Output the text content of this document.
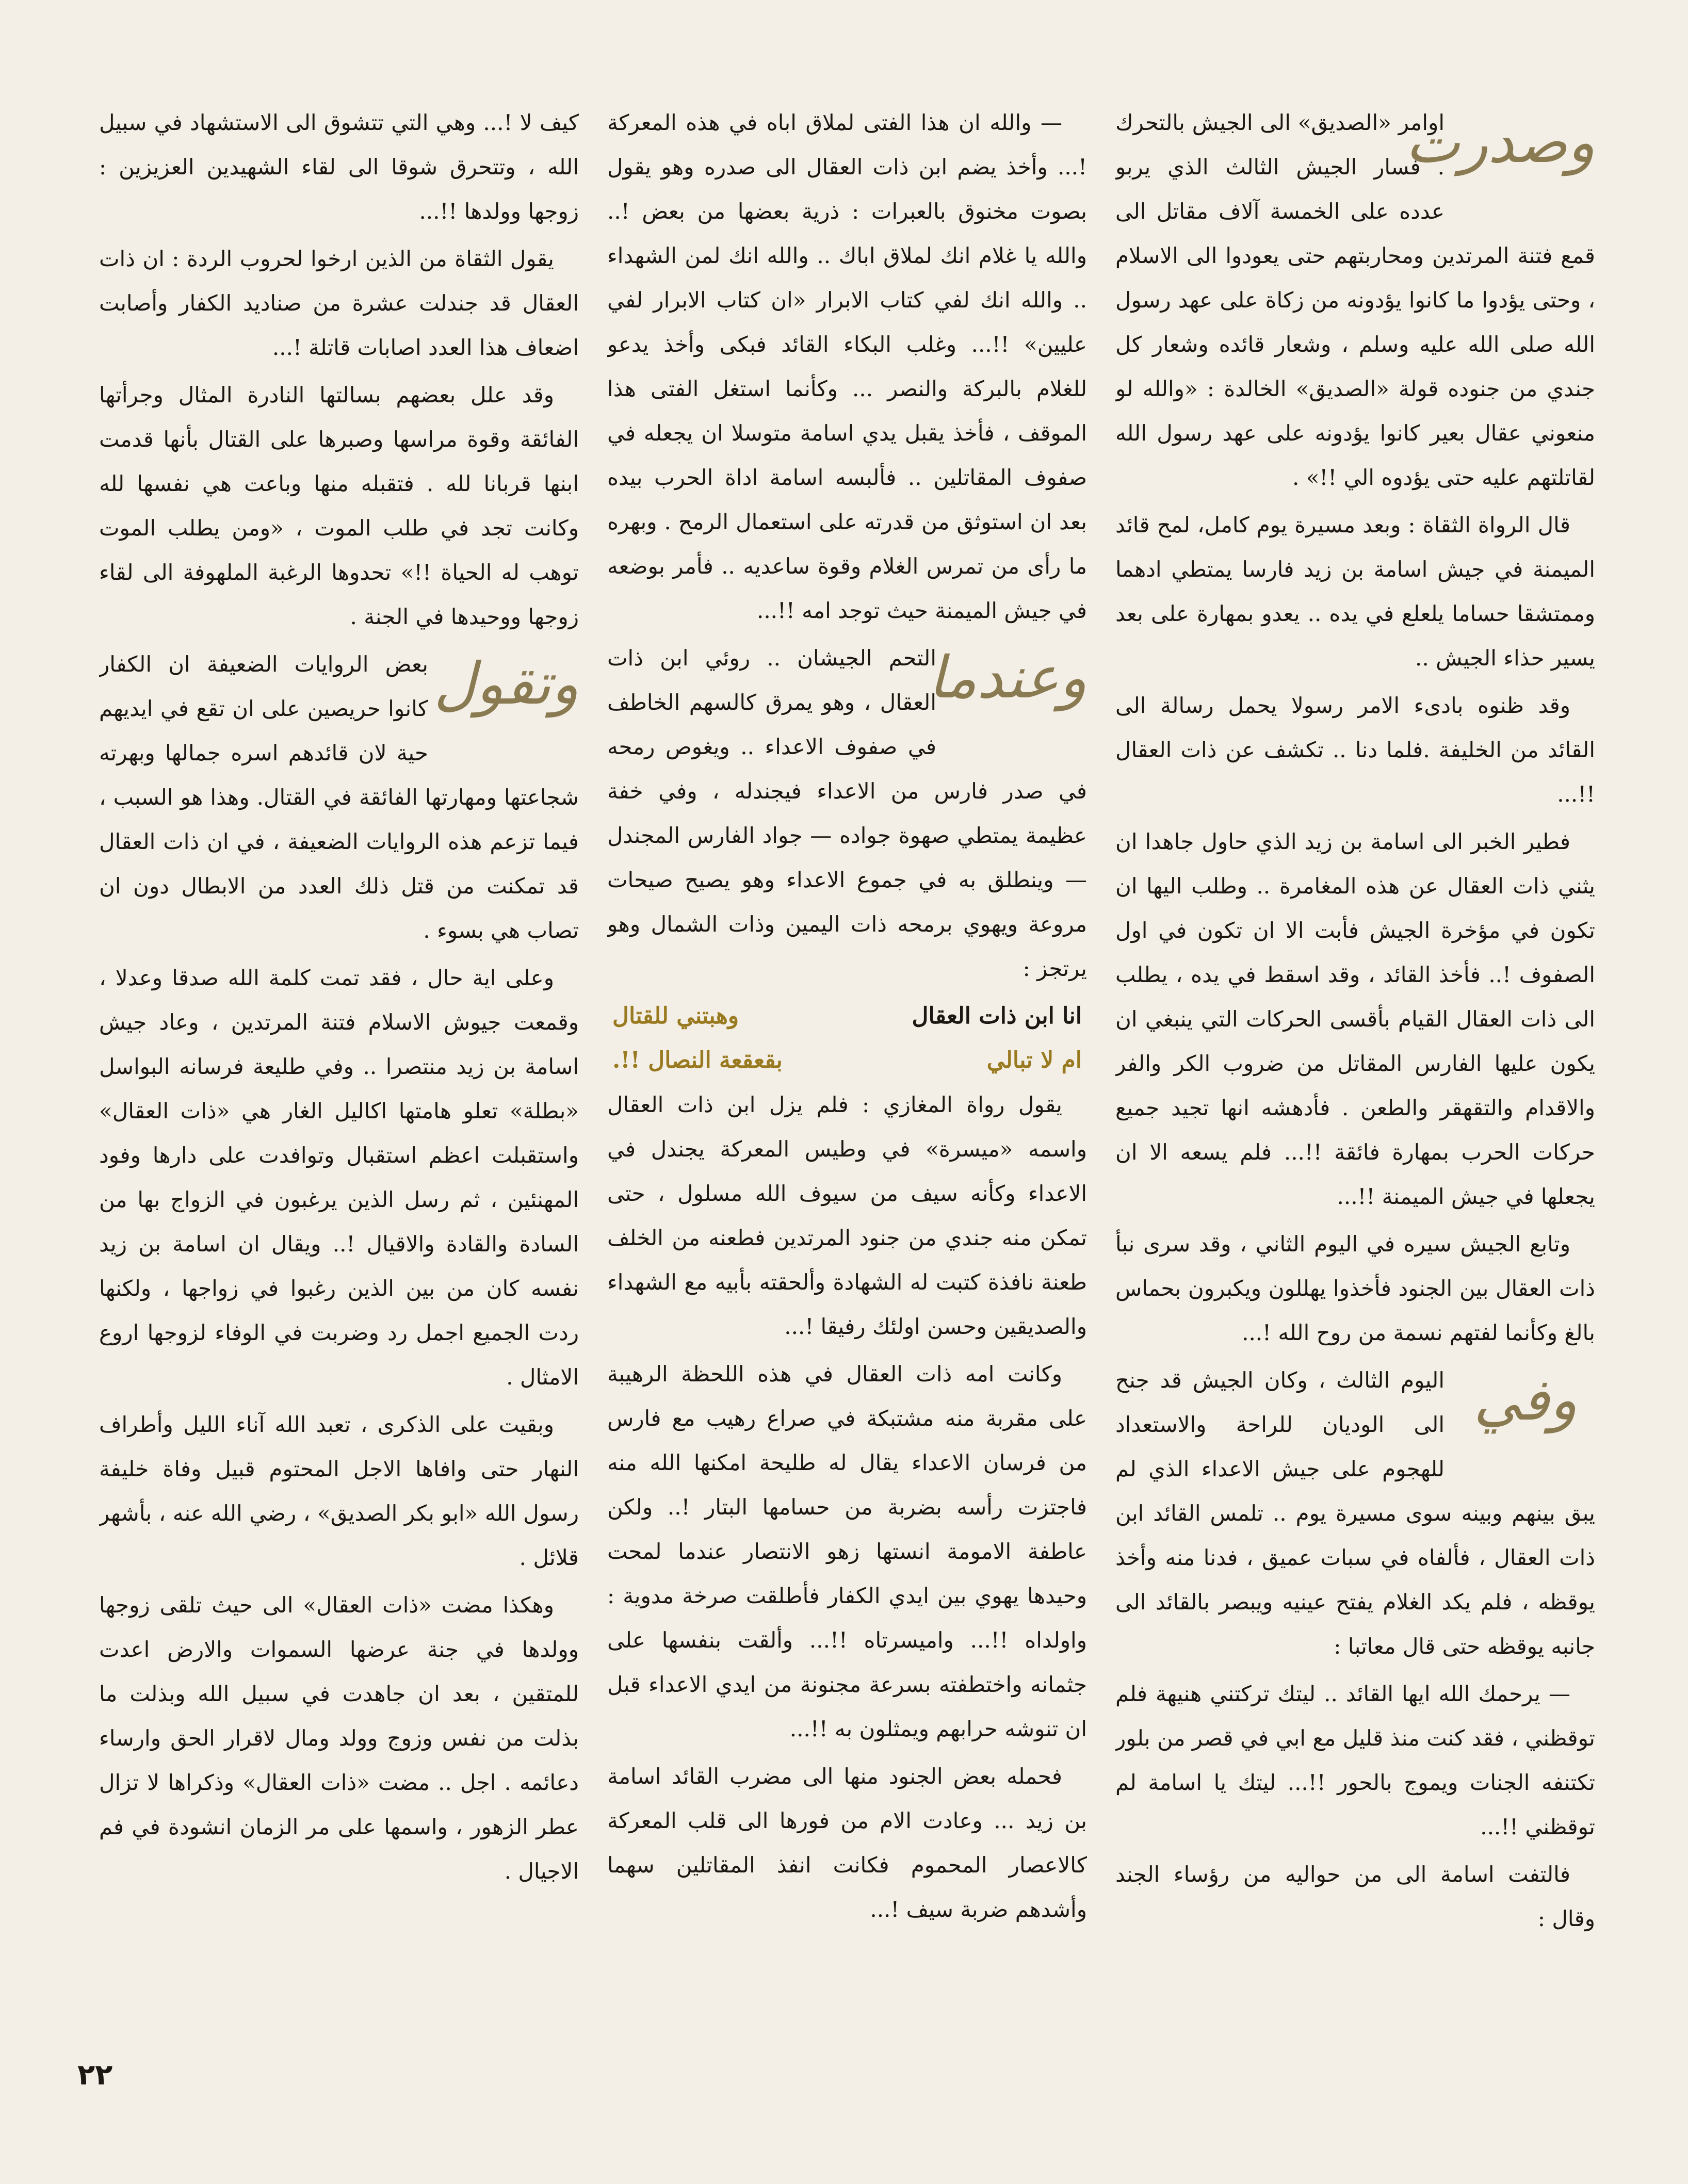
وصدرت

اوامر «الصديق» الى الجيش بالتحرك . فسار الجيش الثالث الذي يربو عدده على الخمسة آلاف مقاتل الى قمع فتنة المرتدين ومحاربتهم حتى يعودوا الى الاسلام ، وحتى يؤدوا ما كانوا يؤدونه من زكاة على عهد رسول الله صلى الله عليه وسلم ، وشعار قائده وشعار كل جندي من جنوده قولة «الصديق» الخالدة : «والله لو منعوني عقال بعير كانوا يؤدونه على عهد رسول الله لقاتلتهم عليه حتى يؤدوه الي !!» .

قال الرواة الثقاة : وبعد مسيرة يوم كامل، لمح قائد الميمنة في جيش اسامة بن زيد فارسا يمتطي ادهما وممتشقا حساما يلعلع في يده .. يعدو بمهارة على بعد يسير حذاء الجيش ..

وقد ظنوه بادىء الامر رسولا يحمل رسالة الى القائد من الخليفة .فلما دنا .. تكشف عن ذات العقال !!...

فطير الخبر الى اسامة بن زيد الذي حاول جاهدا ان يثني ذات العقال عن هذه المغامرة .. وطلب اليها ان تكون في مؤخرة الجيش فأبت الا ان تكون في اول الصفوف !.. فأخذ القائد ، وقد اسقط في يده ، يطلب الى ذات العقال القيام بأقسى الحركات التي ينبغي ان يكون عليها الفارس المقاتل من ضروب الكر والفر والاقدام والتقهقر والطعن . فأدهشه انها تجيد جميع حركات الحرب بمهارة فائقة !!... فلم يسعه الا ان يجعلها في جيش الميمنة !!...

وتابع الجيش سيره في اليوم الثاني ، وقد سرى نبأ ذات العقال بين الجنود فأخذوا يهللون ويكبرون بحماس بالغ وكأنما لفتهم نسمة من روح الله !...

وفي

اليوم الثالث ، وكان الجيش قد جنح الى الوديان للراحة والاستعداد للهجوم على جيش الاعداء الذي لم يبق بينهم وبينه سوى مسيرة يوم .. تلمس القائد ابن ذات العقال ، فألفاه في سبات عميق ، فدنا منه وأخذ يوقظه ، فلم يكد الغلام يفتح عينيه ويبصر بالقائد الى جانبه يوقظه حتى قال معاتبا :

— يرحمك الله ايها القائد .. ليتك تركتني هنيهة فلم توقظني ، فقد كنت منذ قليل مع ابي في قصر من بلور تكتنفه الجنات ويموج بالحور !!... ليتك يا اسامة لم توقظني !!...

فالتفت اسامة الى من حواليه من رؤساء الجند وقال :

— والله ان هذا الفتى لملاق اباه في هذه المعركة !... وأخذ يضم ابن ذات العقال الى صدره وهو يقول بصوت مخنوق بالعبرات : ذرية بعضها من بعض !.. والله يا غلام انك لملاق اباك .. والله انك لمن الشهداء .. والله انك لفي كتاب الابرار «ان كتاب الابرار لفي عليين» !!... وغلب البكاء القائد فبكى وأخذ يدعو للغلام بالبركة والنصر ... وكأنما استغل الفتى هذا الموقف ، فأخذ يقبل يدي اسامة متوسلا ان يجعله في صفوف المقاتلين .. فألبسه اسامة اداة الحرب بيده بعد ان استوثق من قدرته على استعمال الرمح . وبهره ما رأى من تمرس الغلام وقوة ساعديه .. فأمر بوضعه في جيش الميمنة حيث توجد امه !!...

وعندما

التحم الجيشان .. روئي ابن ذات العقال ، وهو يمرق كالسهم الخاطف في صفوف الاعداء .. ويغوص رمحه في صدر فارس من الاعداء فيجندله ، وفي خفة عظيمة يمتطي صهوة جواده — جواد الفارس المجندل — وينطلق به في جموع الاعداء وهو يصيح صيحات مروعة ويهوي برمحه ذات اليمين وذات الشمال وهو يرتجز :

انا ابن ذات العقال
وهبتني للقتال
ام لا تبالي
بقعقعة النصال !!.

يقول رواة المغازي : فلم يزل ابن ذات العقال واسمه «ميسرة» في وطيس المعركة يجندل في الاعداء وكأنه سيف من سيوف الله مسلول ، حتى تمكن منه جندي من جنود المرتدين فطعنه من الخلف طعنة نافذة كتبت له الشهادة وألحقته بأبيه مع الشهداء والصديقين وحسن اولئك رفيقا !...

وكانت امه ذات العقال في هذه اللحظة الرهيبة على مقربة منه مشتبكة في صراع رهيب مع فارس من فرسان الاعداء يقال له طليحة امكنها الله منه فاجتزت رأسه بضربة من حسامها البتار !.. ولكن عاطفة الامومة انستها زهو الانتصار عندما لمحت وحيدها يهوي بين ايدي الكفار فأطلقت صرخة مدوية : واولداه !!... واميسرتاه !!... وألقت بنفسها على جثمانه واختطفته بسرعة مجنونة من ايدي الاعداء قبل ان تنوشه حرابهم ويمثلون به !!...

فحمله بعض الجنود منها الى مضرب القائد اسامة بن زيد ... وعادت الام من فورها الى قلب المعركة كالاعصار المحموم فكانت انفذ المقاتلين سهما وأشدهم ضربة سيف !...

كيف لا !... وهي التي تتشوق الى الاستشهاد في سبيل الله ، وتتحرق شوقا الى لقاء الشهيدين العزيزين : زوجها وولدها !!...

يقول الثقاة من الذين ارخوا لحروب الردة : ان ذات العقال قد جندلت عشرة من صناديد الكفار وأصابت اضعاف هذا العدد اصابات قاتلة !...

وقد علل بعضهم بسالتها النادرة المثال وجرأتها الفائقة وقوة مراسها وصبرها على القتال بأنها قدمت ابنها قربانا لله . فتقبله منها وباعت هي نفسها لله وكانت تجد في طلب الموت ، «ومن يطلب الموت توهب له الحياة !!» تحدوها الرغبة الملهوفة الى لقاء زوجها ووحيدها في الجنة .

وتقول

بعض الروايات الضعيفة ان الكفار كانوا حريصين على ان تقع في ايديهم حية لان قائدهم اسره جمالها وبهرته شجاعتها ومهارتها الفائقة في القتال. وهذا هو السبب ، فيما تزعم هذه الروايات الضعيفة ، في ان ذات العقال قد تمكنت من قتل ذلك العدد من الابطال دون ان تصاب هي بسوء .

وعلى اية حال ، فقد تمت كلمة الله صدقا وعدلا ، وقمعت جيوش الاسلام فتنة المرتدين ، وعاد جيش اسامة بن زيد منتصرا .. وفي طليعة فرسانه البواسل «بطلة» تعلو هامتها اكاليل الغار هي «ذات العقال» واستقبلت اعظم استقبال وتوافدت على دارها وفود المهنئين ، ثم رسل الذين يرغبون في الزواج بها من السادة والقادة والاقيال !.. ويقال ان اسامة بن زيد نفسه كان من بين الذين رغبوا في زواجها ، ولكنها ردت الجميع اجمل رد وضربت في الوفاء لزوجها اروع الامثال .

وبقيت على الذكرى ، تعبد الله آناء الليل وأطراف النهار حتى وافاها الاجل المحتوم قبيل وفاة خليفة رسول الله «ابو بكر الصديق» ، رضي الله عنه ، بأشهر قلائل .

وهكذا مضت «ذات العقال» الى حيث تلقى زوجها وولدها في جنة عرضها السموات والارض اعدت للمتقين ، بعد ان جاهدت في سبيل الله وبذلت ما بذلت من نفس وزوج وولد ومال لاقرار الحق وارساء دعائمه . اجل .. مضت «ذات العقال» وذكراها لا تزال عطر الزهور ، واسمها على مر الزمان انشودة في فم الاجيال .

٢٢
